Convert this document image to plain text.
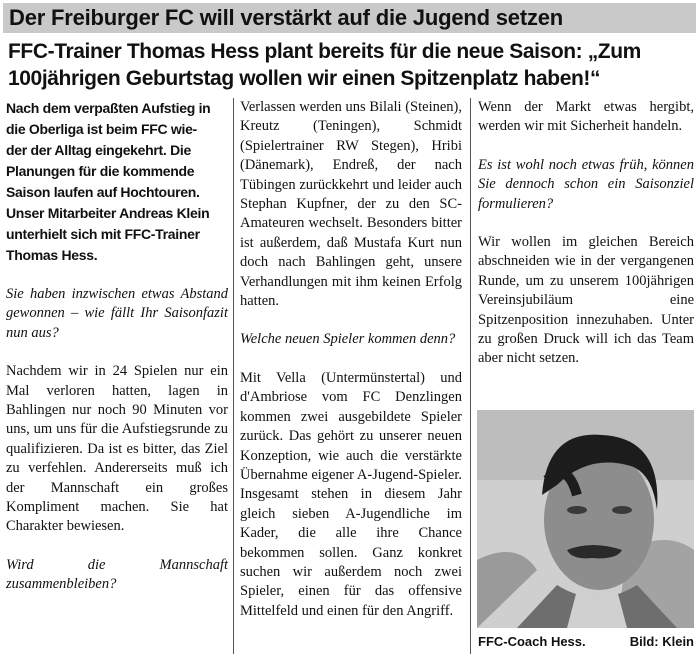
Der Freiburger FC will verstärkt auf die Jugend setzen
FFC-Trainer Thomas Hess plant bereits für die neue Saison: „Zum
100jährigen Geburtstag wollen wir einen Spitzenplatz haben!“
Nach dem verpaßten Aufstieg in
die Oberliga ist beim FFC wie-
der der Alltag eingekehrt. Die
Planungen für die kommende
Saison laufen auf Hochtouren.
Unser Mitarbeiter Andreas Klein
unterhielt sich mit FFC-Trainer
Thomas Hess.

Sie haben inzwischen etwas Abstand gewonnen – wie fällt Ihr Saisonfazit nun aus?

Nachdem wir in 24 Spielen nur ein Mal verloren hatten, lagen in Bahlingen nur noch 90 Minuten vor uns, um uns für die Aufstiegsrunde zu qualifizieren. Da ist es bitter, das Ziel zu verfehlen. Andererseits muß ich der Mannschaft ein großes Kompliment machen. Sie hat Charakter bewiesen.

Wird die Mannschaft zusammenbleiben?

Verlassen werden uns Bilali (Steinen), Kreutz (Teningen), Schmidt (Spielertrainer RW Stegen), Hribi (Dänemark), Endreß, der nach Tübingen zurückkehrt und leider auch Stephan Kupfner, der zu den SC-Amateuren wechselt. Besonders bitter ist außerdem, daß Mustafa Kurt nun doch nach Bahlingen geht, unsere Verhandlungen mit ihm keinen Erfolg hatten.

Welche neuen Spieler kommen denn?

Mit Vella (Untermünstertal) und d'Ambriose vom FC Denzlingen kommen zwei ausgebildete Spieler zurück. Das gehört zu unserer neuen Konzeption, wie auch die verstärkte Übernahme eigener A-Jugend-Spieler. Insgesamt stehen in diesem Jahr gleich sieben A-Jugendliche im Kader, die alle ihre Chance bekommen sollen. Ganz konkret suchen wir außerdem noch zwei Spieler, einen für das offensive Mittelfeld und einen für den Angriff.

Wenn der Markt etwas hergibt, werden wir mit Sicherheit handeln.

Es ist wohl noch etwas früh, können Sie dennoch schon ein Saisonziel formulieren?

Wir wollen im gleichen Bereich abschneiden wie in der vergangenen Runde, um zu unserem 100jährigen Vereinsjubiläum eine Spitzenposition innezuhaben. Unter zu großen Druck will ich das Team aber nicht setzen.

FFC-Coach Hess.	Bild: Klein
